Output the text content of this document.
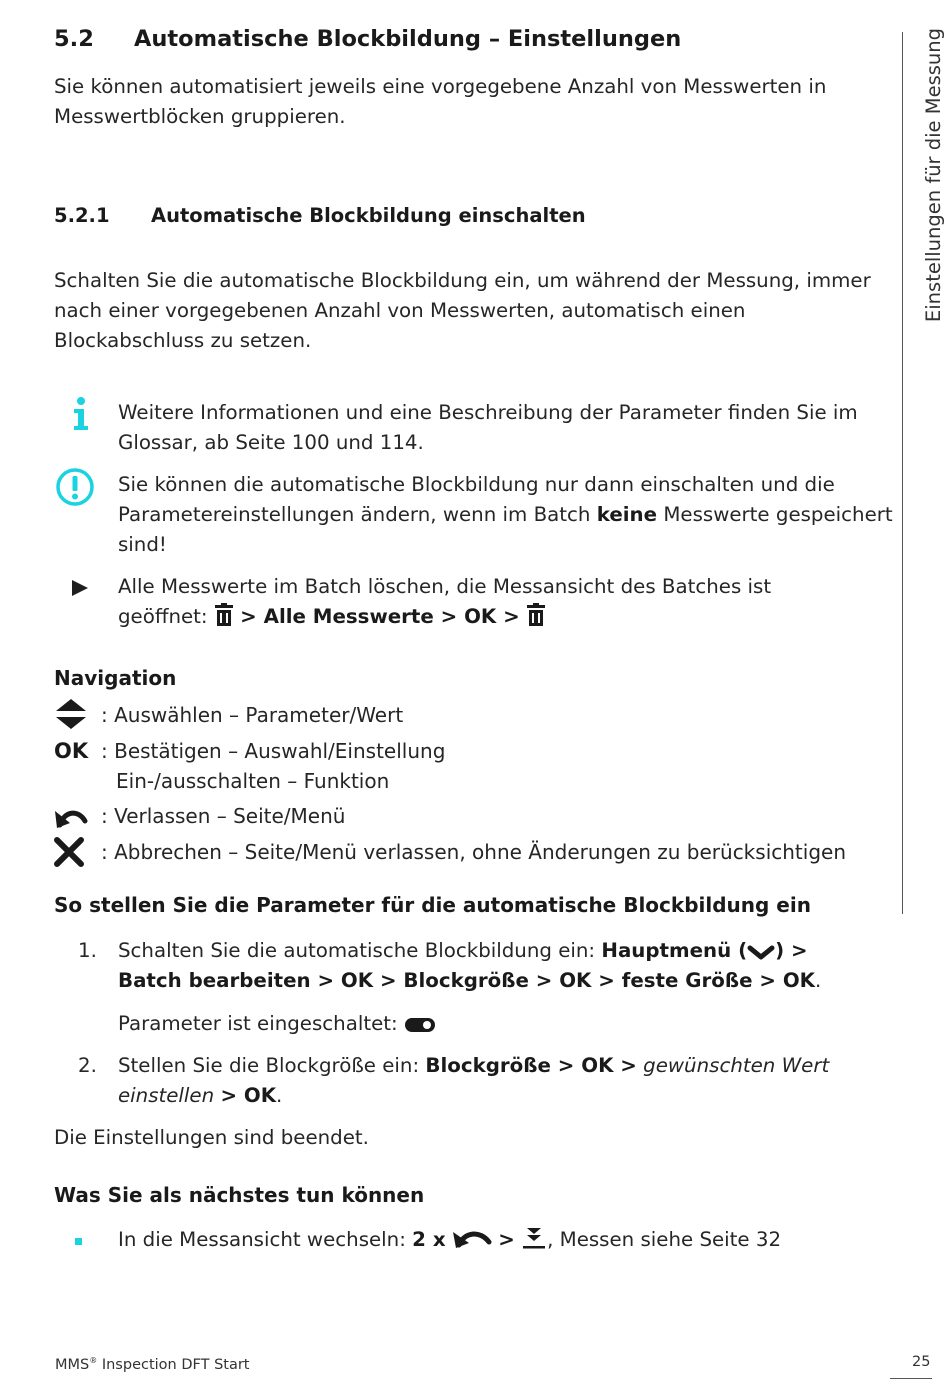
5.2 Automatische Blockbildung – Einstellungen

Sie können automatisiert jeweils eine vorgegebene Anzahl von Messwerten in Messwertblöcken gruppieren.

5.2.1 Automatische Blockbildung einschalten

Schalten Sie die automatische Blockbildung ein, um während der Messung, immer nach einer vorgegebenen Anzahl von Messwerten, automatisch einen Blockabschluss zu setzen.

Weitere Informationen und eine Beschreibung der Parameter finden Sie im Glossar, ab Seite 100 und 114.

Sie können die automatische Blockbildung nur dann einschalten und die Parametereinstellungen ändern, wenn im Batch keine Messwerte gespeichert sind!

Alle Messwerte im Batch löschen, die Messansicht des Batches ist

geöffnet:
> Alle Messwerte > OK >

Navigation
: Auswählen – Parameter/Wert
OK : Bestätigen – Auswahl/Einstellung
Ein-/ausschalten – Funktion
: Verlassen – Seite/Menü
: Abbrechen – Seite/Menü verlassen, ohne Änderungen zu berücksichtigen
So stellen Sie die Parameter für die automatische Blockbildung ein
1. Schalten Sie die automatische Blockbildung ein: Hauptmenü ( ) >
Batch bearbeiten > OK > Blockgröße > OK > feste Größe > OK.
Parameter ist eingeschaltet:
2. Stellen Sie die Blockgröße ein: Blockgröße > OK > gewünschten Wert einstellen > OK.

Die Einstellungen sind beendet.

Was Sie als nächstes tun können

In die Messansicht wechseln: 2 x	> , Messen siehe Seite 32

Einstellungen für die Messung
MMS® Inspection DFT Start	25
